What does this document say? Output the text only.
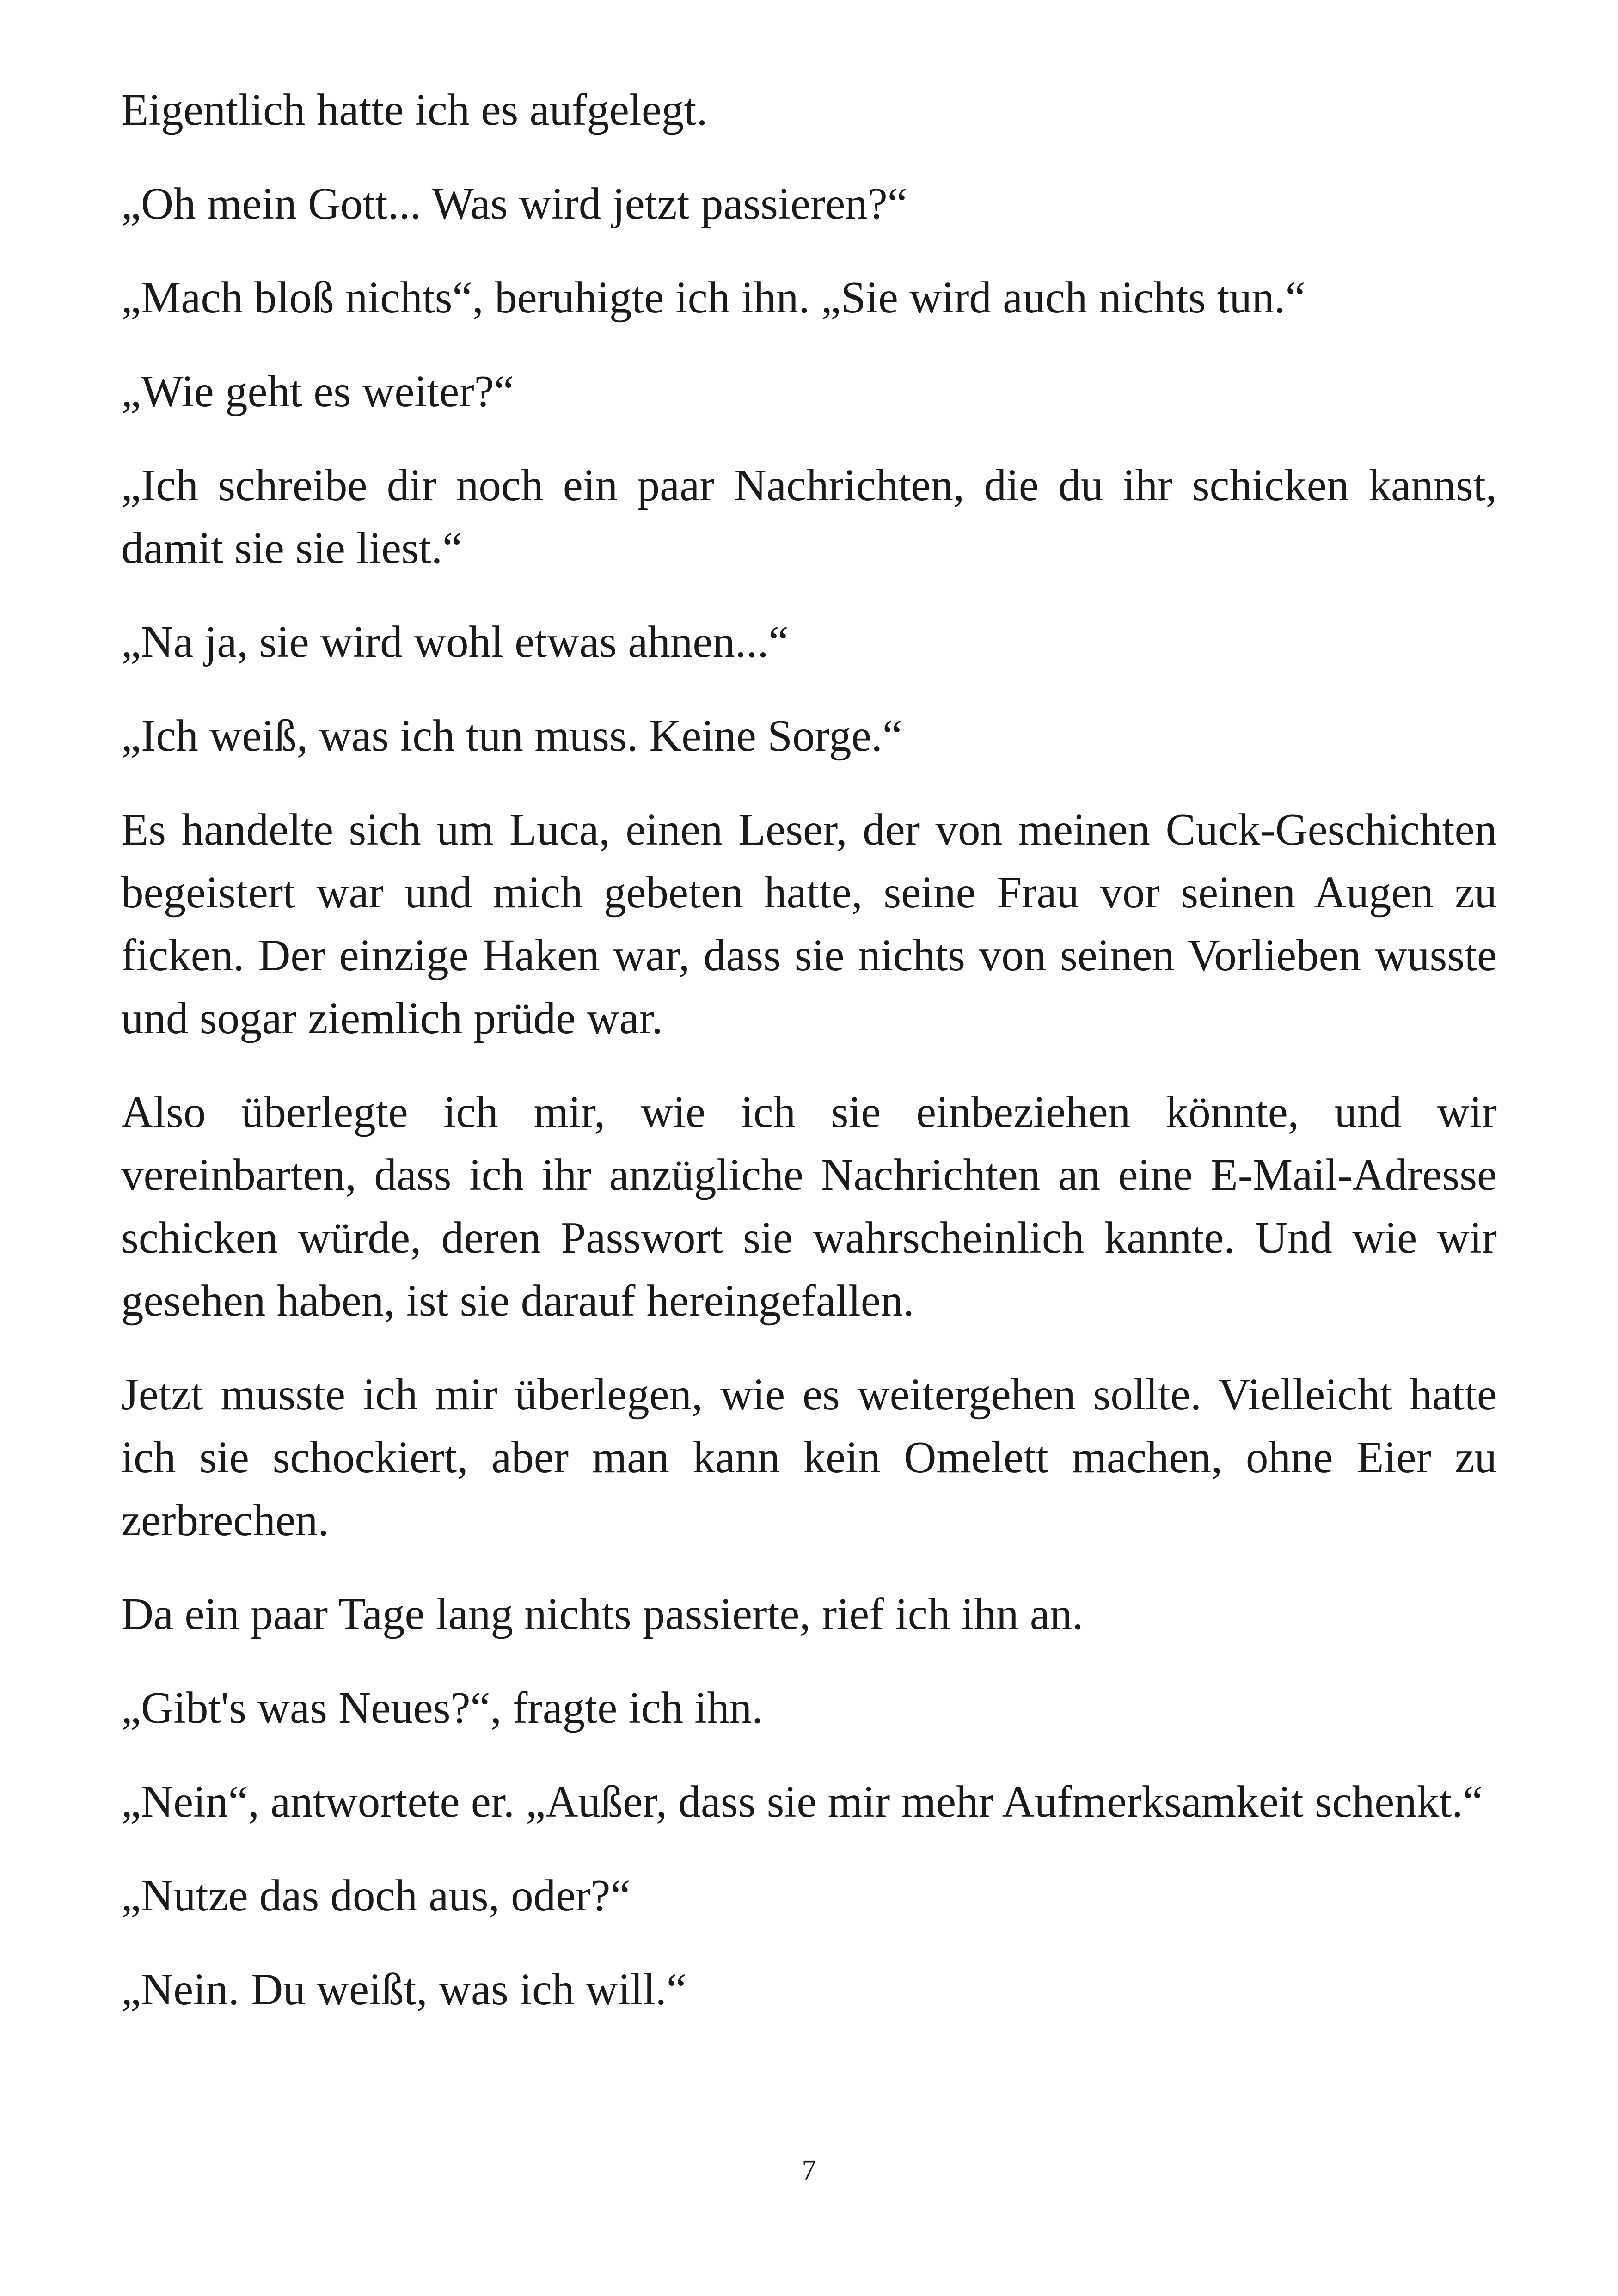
Eigentlich hatte ich es aufgelegt.

„Oh mein Gott... Was wird jetzt passieren?“

„Mach bloß nichts“, beruhigte ich ihn. „Sie wird auch nichts tun.“

„Wie geht es weiter?“

„Ich schreibe dir noch ein paar Nachrichten, die du ihr schicken kannst, damit sie sie liest.“

„Na ja, sie wird wohl etwas ahnen...“

„Ich weiß, was ich tun muss. Keine Sorge.“

Es handelte sich um Luca, einen Leser, der von meinen Cuck-Geschichten begeistert war und mich gebeten hatte, seine Frau vor seinen Augen zu ficken. Der einzige Haken war, dass sie nichts von seinen Vorlieben wusste und sogar ziemlich prüde war.

Also überlegte ich mir, wie ich sie einbeziehen könnte, und wir vereinbarten, dass ich ihr anzügliche Nachrichten an eine E-Mail-Adresse schicken würde, deren Passwort sie wahrscheinlich kannte. Und wie wir gesehen haben, ist sie darauf hereingefallen.

Jetzt musste ich mir überlegen, wie es weitergehen sollte. Vielleicht hatte ich sie schockiert, aber man kann kein Omelett machen, ohne Eier zu zerbrechen.

Da ein paar Tage lang nichts passierte, rief ich ihn an.

„Gibt's was Neues?“, fragte ich ihn.

„Nein“, antwortete er. „Außer, dass sie mir mehr Aufmerksamkeit schenkt.“

„Nutze das doch aus, oder?“

„Nein. Du weißt, was ich will.“

7
